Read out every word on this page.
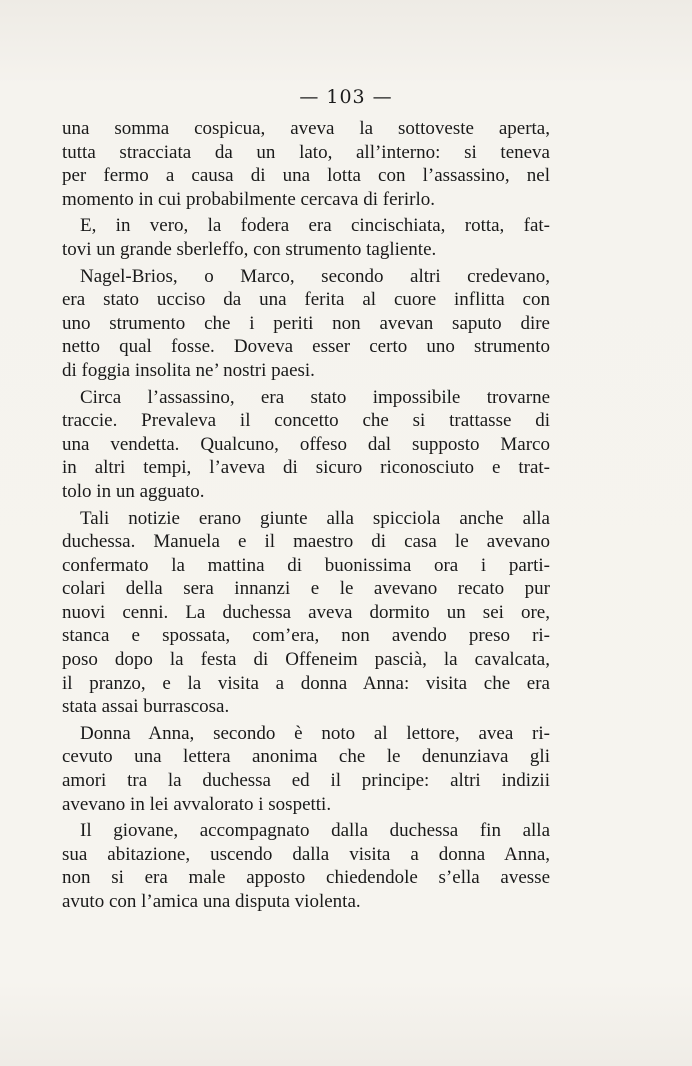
— 103 —
una somma cospicua, aveva la sottoveste aperta,
tutta stracciata da un lato, all’interno: si teneva
per fermo a causa di una lotta con l’assassino, nel
momento in cui probabilmente cercava di ferirlo.
E, in vero, la fodera era cincischiata, rotta, fat-
tovi un grande sberleffo, con strumento tagliente.
Nagel-Brios, o Marco, secondo altri credevano,
era stato ucciso da una ferita al cuore inflitta con
uno strumento che i periti non avevan saputo dire
netto qual fosse. Doveva esser certo uno strumento
di foggia insolita ne’ nostri paesi.
Circa l’assassino, era stato impossibile trovarne
traccie. Prevaleva il concetto che si trattasse di
una vendetta. Qualcuno, offeso dal supposto Marco
in altri tempi, l’aveva di sicuro riconosciuto e trat-
tolo in un agguato.
Tali notizie erano giunte alla spicciola anche alla
duchessa. Manuela e il maestro di casa le avevano
confermato la mattina di buonissima ora i parti-
colari della sera innanzi e le avevano recato pur
nuovi cenni. La duchessa aveva dormito un sei ore,
stanca e spossata, com’era, non avendo preso ri-
poso dopo la festa di Offeneim pascià, la cavalcata,
il pranzo, e la visita a donna Anna: visita che era
stata assai burrascosa.
Donna Anna, secondo è noto al lettore, avea ri-
cevuto una lettera anonima che le denunziava gli
amori tra la duchessa ed il principe: altri indizii
avevano in lei avvalorato i sospetti.
Il giovane, accompagnato dalla duchessa fin alla
sua abitazione, uscendo dalla visita a donna Anna,
non si era male apposto chiedendole s’ella avesse
avuto con l’amica una disputa violenta.
